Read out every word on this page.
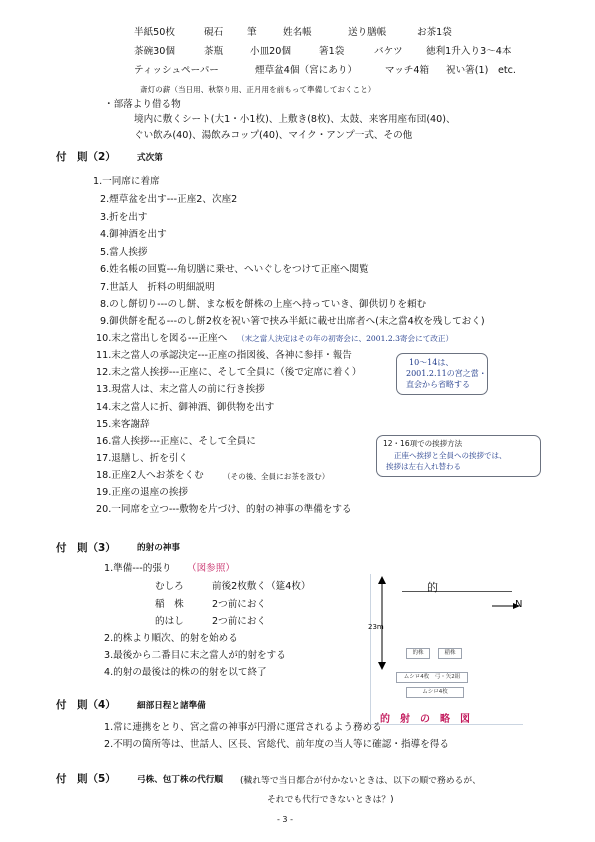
半紙50枚	硯石 筆	姓名帳	送り膳帳	お茶1袋
茶碗30個	茶瓶	小皿20個	箸1袋	バケツ 徳利1升入り3～4本
ティッシュペーパー	煙草盆4個（宮にあり）	マッチ4箱 祝い箸(1)　etc.
斎灯の薪（当日用、秋祭り用、正月用を前もって準備しておくこと）
・部落より借る物
境内に敷くシート(大1・小1枚)、上敷き(8枚)、太鼓、来客用座布団(40)、
ぐい飲み(40)、湯飲みコップ(40)、マイク・アンプ一式、その他
付　則（2） 式次第
1.一同席に着席
2.煙草盆を出す---正座2、次座2
3.折を出す
4.御神酒を出す
5.當人挨拶
6.姓名帳の回覧---角切膳に乗せ、へいぐしをつけて正座へ閲覧
7.世話人　折料の明細説明
8.のし餅切り---のし餅、まな板を餅株の上座へ持っていき、御供切りを頼む
9.御供餅を配る---のし餅2枚を祝い箸で挟み半紙に載せ出席者へ(末之當4枚を残しておく)
10.末之當出しを図る---正座へ （末之當人決定はその年の初寄会に、2001.2.3寄会にて改正）
11.末之當人の承認決定---正座の指図後、各神に参拝・報告
12.末之當人挨拶---正座に、そして全員に（後で定席に着く）
13.現當人は、末之當人の前に行き挨拶
14.末之當人に折、御神酒、御供物を出す
15.来客謝辞
16.當人挨拶---正座に、そして全員に
17.退膳し、折を引く
18.正座2人へお茶をくむ	（その後、全員にお茶を汲む）
19.正座の退座の挨拶
20.一同席を立つ---敷物を片づけ、的射の神事の準備をする
10～14は、
2001.2.11の宮之當・
直会から省略する
12・16項での挨拶方法
正座へ挨拶と全員への挨拶では、
挨拶は左右入れ替わる
付　則（3） 的射の神事
1.準備---的張り （図参照）
むしろ	前後2枚敷く（筵4枚）
稲　株	2つ前におく
的はし	2つ前におく
2.的株より順次、的射を始める
3.最後から二番目に末之當人が的射をする
4.的射の最後は的株の的射を以て終了
的
N
23m
的株	稲株
ムシロ4枚　弓・矢2組
ムシロ4枚
的　射　の　略　図
付　則（4） 細部日程と諸準備
1.常に連携をとり、宮之當の神事が円滑に運営されるよう務める
2.不明の箇所等は、世話人、区長、宮総代、前年度の当人等に確認・指導を得る
付　則（5） 弓株、包丁株の代行順 (穢れ等で当日都合が付かないときは、以下の順で務めるが、
それでも代行できないときは？)
- 3 -
